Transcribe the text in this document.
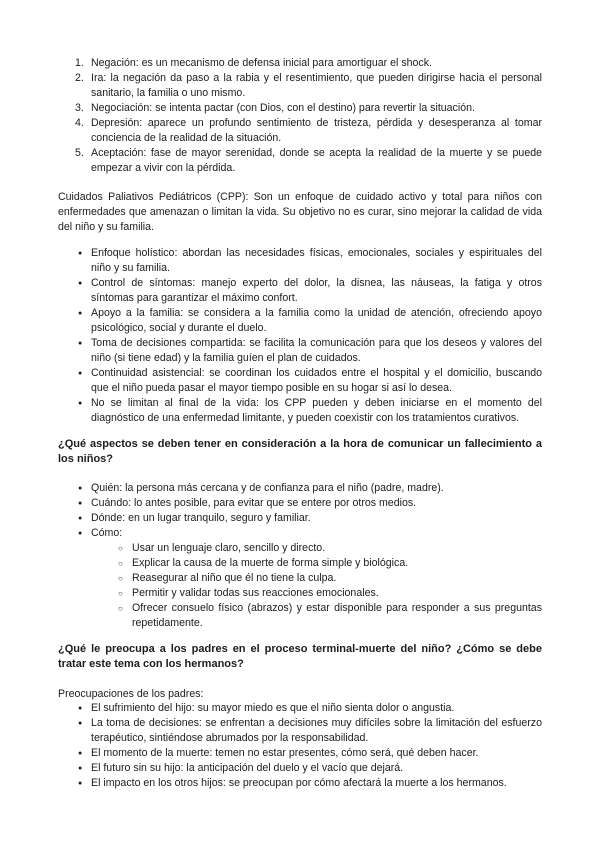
1. Negación: es un mecanismo de defensa inicial para amortiguar el shock.
2. Ira: la negación da paso a la rabia y el resentimiento, que pueden dirigirse hacia el personal sanitario, la familia o uno mismo.
3. Negociación: se intenta pactar (con Dios, con el destino) para revertir la situación.
4. Depresión: aparece un profundo sentimiento de tristeza, pérdida y desesperanza al tomar conciencia de la realidad de la situación.
5. Aceptación: fase de mayor serenidad, donde se acepta la realidad de la muerte y se puede empezar a vivir con la pérdida.

Cuidados Paliativos Pediátricos (CPP): Son un enfoque de cuidado activo y total para niños con enfermedades que amenazan o limitan la vida. Su objetivo no es curar, sino mejorar la calidad de vida del niño y su familia.

● Enfoque holístico: abordan las necesidades físicas, emocionales, sociales y espirituales del niño y su familia.
● Control de síntomas: manejo experto del dolor, la disnea, las náuseas, la fatiga y otros síntomas para garantizar el máximo confort.
● Apoyo a la familia: se considera a la familia como la unidad de atención, ofreciendo apoyo psicológico, social y durante el duelo.
● Toma de decisiones compartida: se facilita la comunicación para que los deseos y valores del niño (si tiene edad) y la familia guíen el plan de cuidados.
● Continuidad asistencial: se coordinan los cuidados entre el hospital y el domicilio, buscando que el niño pueda pasar el mayor tiempo posible en su hogar si así lo desea.
● No se limitan al final de la vida: los CPP pueden y deben iniciarse en el momento del diagnóstico de una enfermedad limitante, y pueden coexistir con los tratamientos curativos.
¿Qué aspectos se deben tener en consideración a la hora de comunicar un fallecimiento a los niños?
● Quién: la persona más cercana y de confianza para el niño (padre, madre).
● Cuándo: lo antes posible, para evitar que se entere por otros medios.
● Dónde: en un lugar tranquilo, seguro y familiar.
● Cómo:
○ Usar un lenguaje claro, sencillo y directo.
○ Explicar la causa de la muerte de forma simple y biológica.
○ Reasegurar al niño que él no tiene la culpa.
○ Permitir y validar todas sus reacciones emocionales.
○ Ofrecer consuelo físico (abrazos) y estar disponible para responder a sus preguntas repetidamente.
¿Qué le preocupa a los padres en el proceso terminal-muerte del niño? ¿Cómo se debe tratar este tema con los hermanos?

Preocupaciones de los padres:

● El sufrimiento del hijo: su mayor miedo es que el niño sienta dolor o angustia.
● La toma de decisiones: se enfrentan a decisiones muy difíciles sobre la limitación del esfuerzo terapéutico, sintiéndose abrumados por la responsabilidad.
● El momento de la muerte: temen no estar presentes, cómo será, qué deben hacer.
● El futuro sin su hijo: la anticipación del duelo y el vacío que dejará.
● El impacto en los otros hijos: se preocupan por cómo afectará la muerte a los hermanos.
